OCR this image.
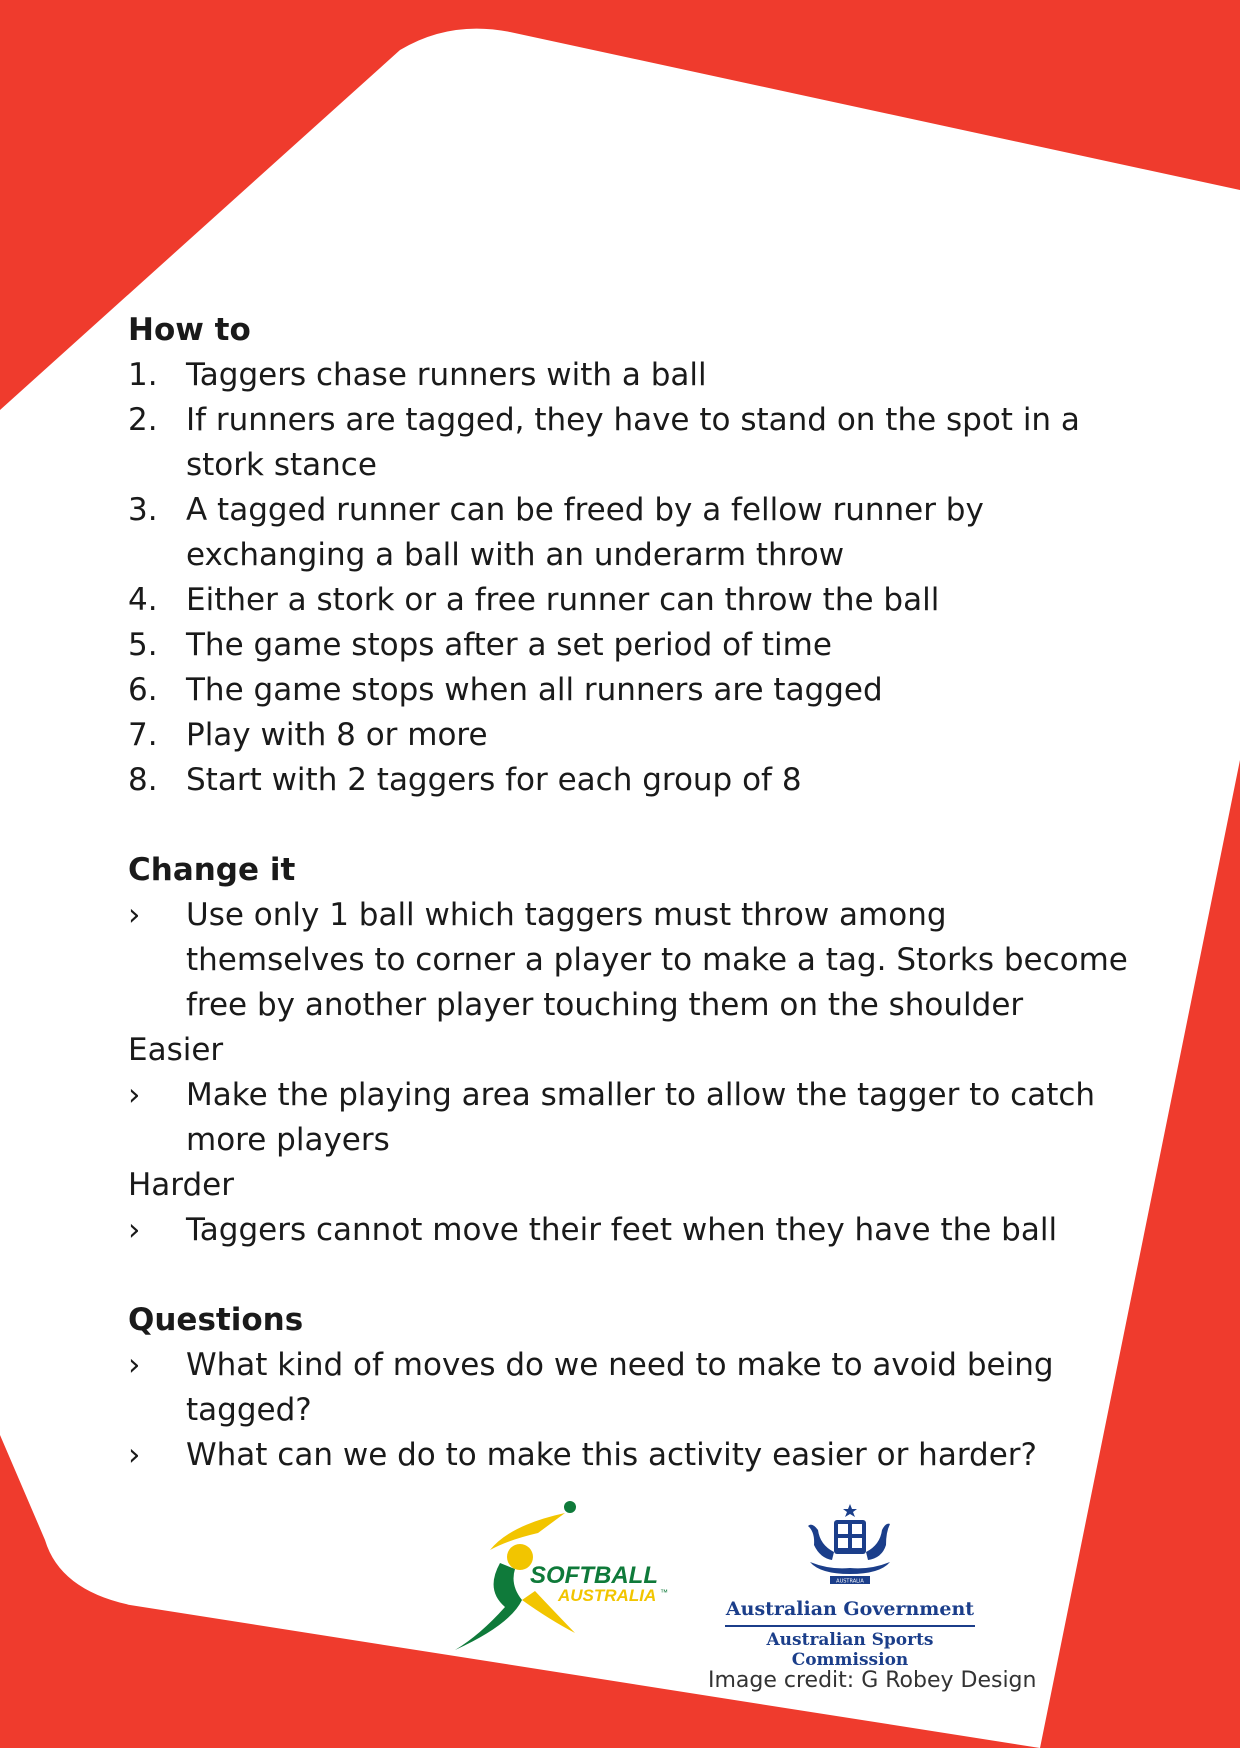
How to
1. Taggers chase runners with a ball
2. If runners are tagged, they have to stand on the spot in a stork stance
3. A tagged runner can be freed by a fellow runner by exchanging a ball with an underarm throw
4. Either a stork or a free runner can throw the ball
5. The game stops after a set period of time
6. The game stops when all runners are tagged
7. Play with 8 or more
8. Start with 2 taggers for each group of 8
Change it
›	Use only 1 ball which taggers must throw among themselves to corner a player to make a tag. Storks become free by another player touching them on the shoulder
Easier
›	Make the playing area smaller to allow the tagger to catch more players
Harder
›	Taggers cannot move their feet when they have the ball
Questions
›	What kind of moves do we need to make to avoid being tagged?
›	What can we do to make this activity easier or harder?
SOFTBALL
AUSTRALIA ™
AUSTRALIA
Australian Government
Australian Sports Commission
Image credit: G Robey Design
